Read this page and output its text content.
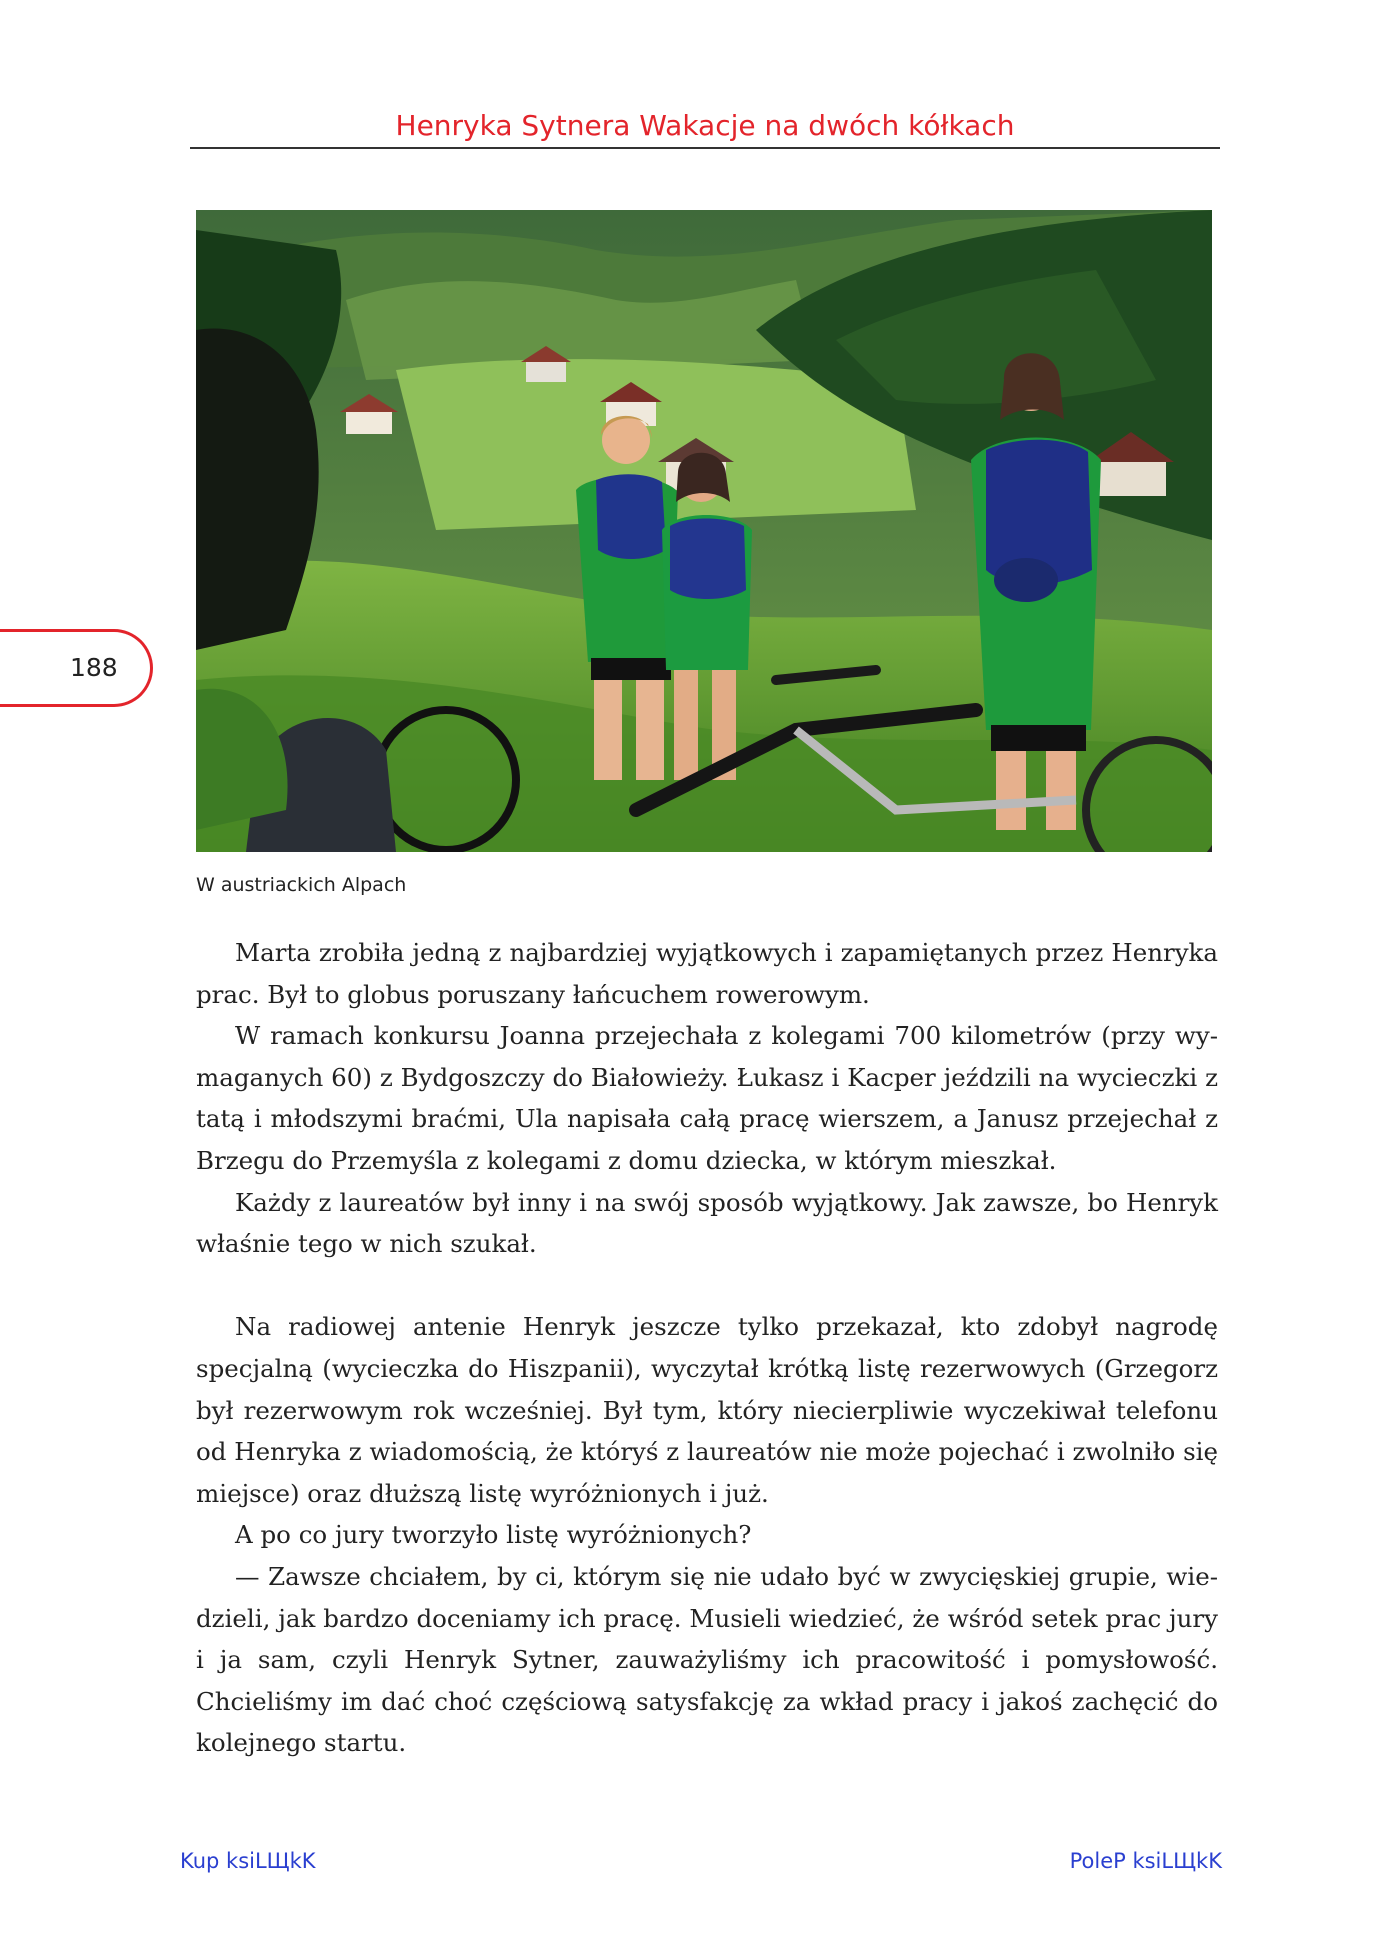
Henryka Sytnera Wakacje na dwóch kółkach
188
W austriackich Alpach

Marta zrobiła jedną z najbardziej wyjątkowych i zapamiętanych przez Henryka prac. Był to globus poruszany łańcuchem rowerowym.

W ramach konkursu Joanna przejechała z kolegami 700 kilometrów (przy wymaganych 60) z Bydgoszczy do Białowieży. Łukasz i Kacper jeździli na wycieczki z tatą i młodszymi braćmi, Ula napisała całą pracę wierszem, a Janusz przejechał z Brzegu do Przemyśla z kolegami z domu dziecka, w którym mieszkał.

Każdy z laureatów był inny i na swój sposób wyjątkowy. Jak zawsze, bo Henryk właśnie tego w nich szukał.

Na radiowej antenie Henryk jeszcze tylko przekazał, kto zdobył nagrodę specjalną (wycieczka do Hiszpanii), wyczytał krótką listę rezerwowych (Grzegorz był rezerwowym rok wcześniej. Był tym, który niecierpliwie wyczekiwał telefonu od Henryka z wiadomością, że któryś z laureatów nie może pojechać i zwolniło się miejsce) oraz dłuższą listę wyróżnionych i już.

A po co jury tworzyło listę wyróżnionych?

— Zawsze chciałem, by ci, którym się nie udało być w zwycięskiej grupie, wiedzieli, jak bardzo doceniamy ich pracę. Musieli wiedzieć, że wśród setek prac jury i ja sam, czyli Henryk Sytner, zauważyliśmy ich pracowitość i pomysłowość. Chcieliśmy im dać choć częściową satysfakcję za wkład pracy i jakoś zachęcić do kolejnego startu.

Kup ksiLЩkK	PoleP ksiLЩkK
